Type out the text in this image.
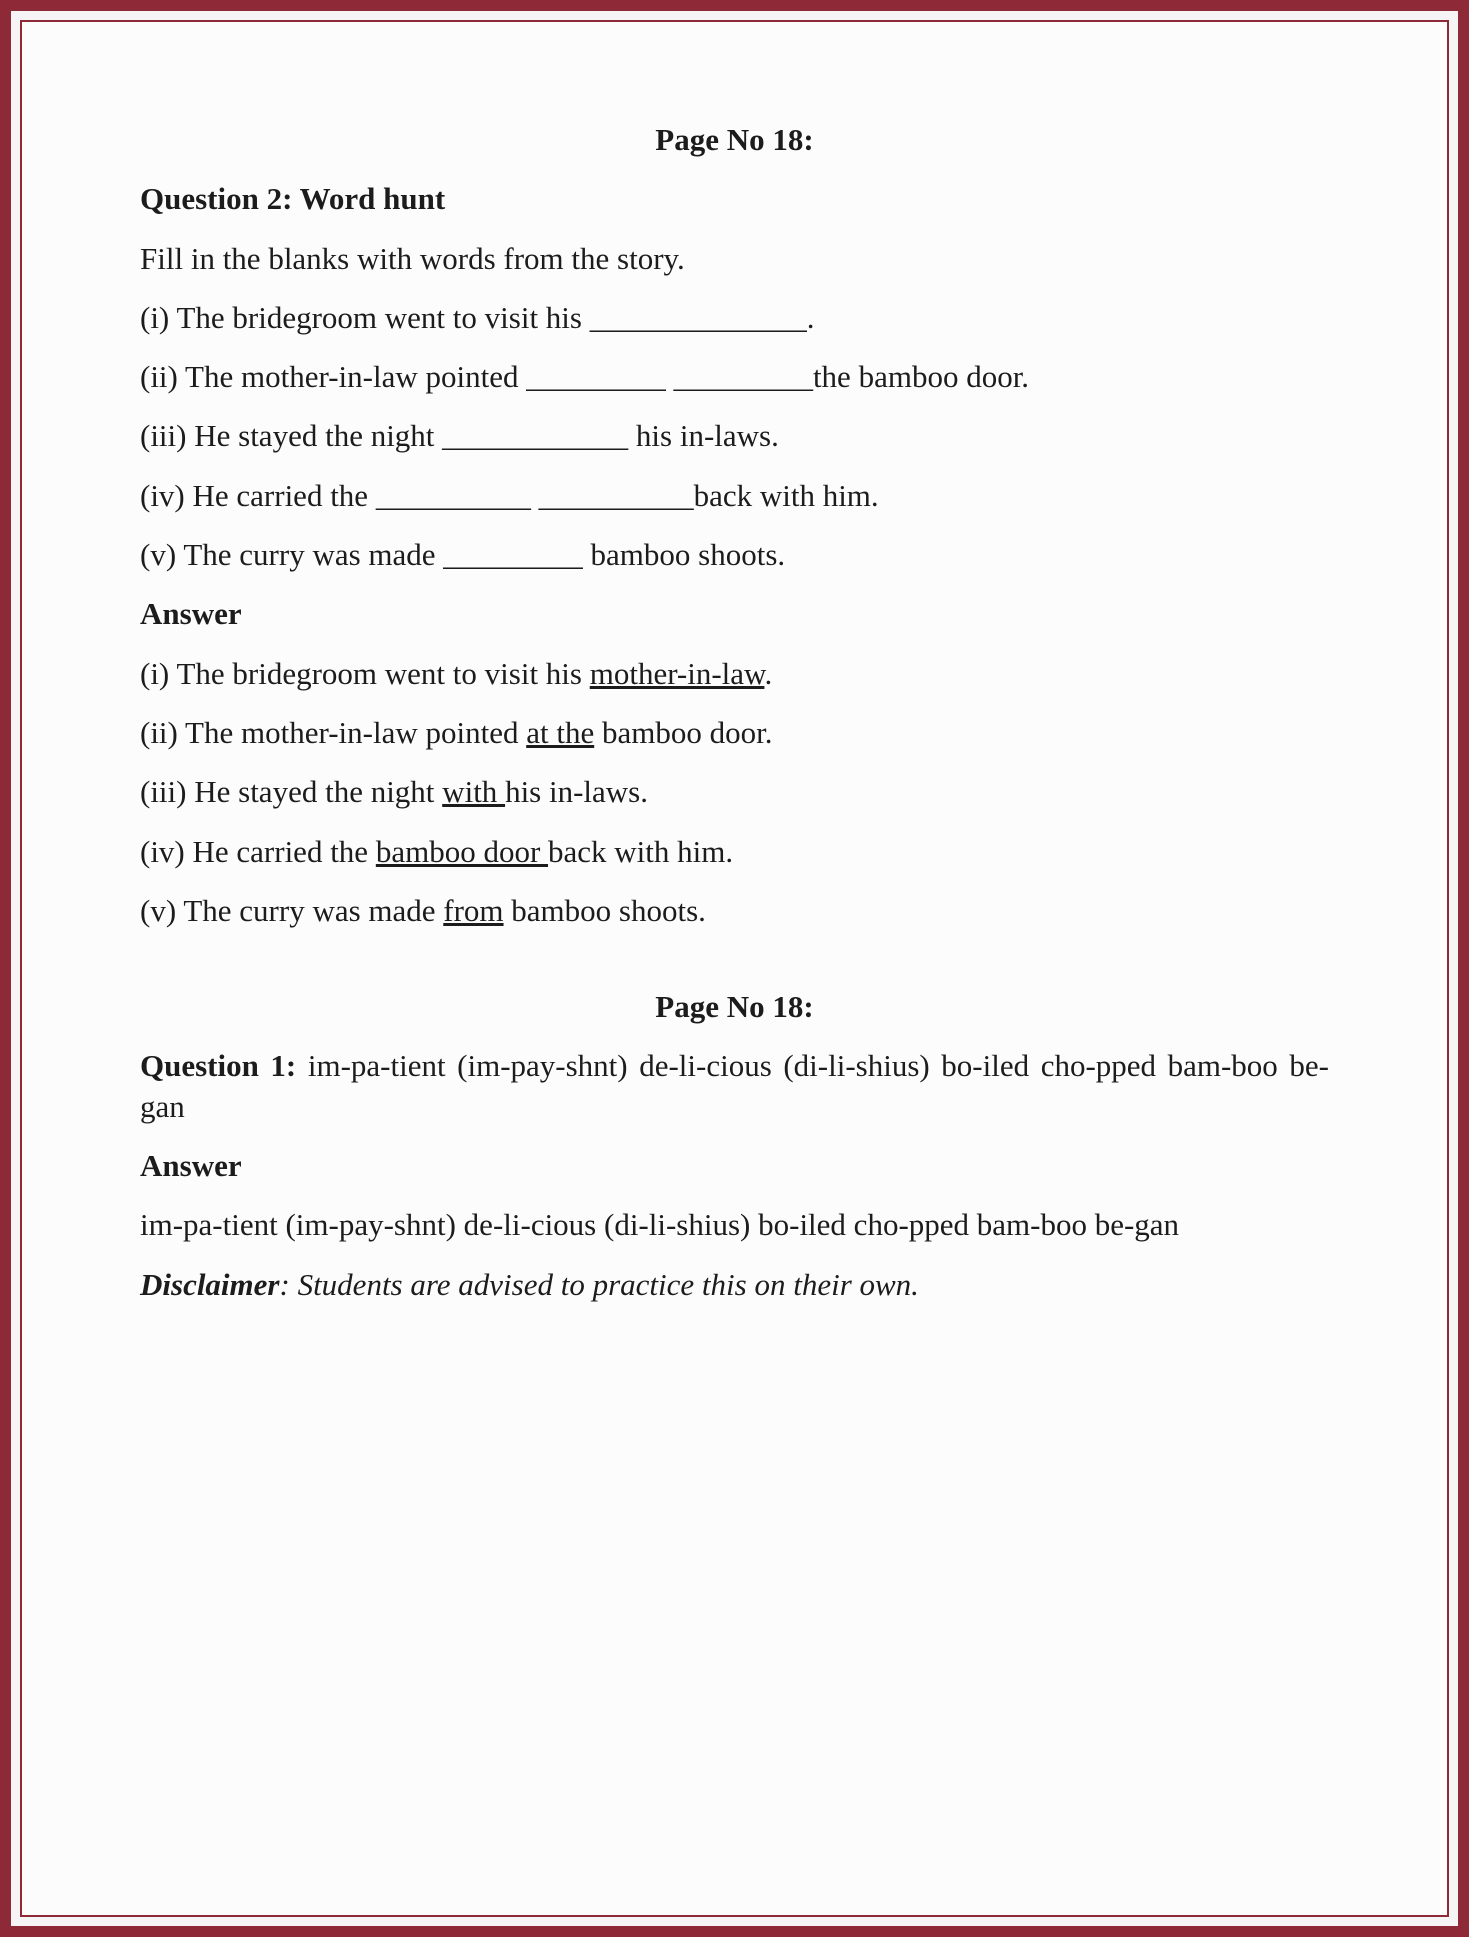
Page No 18:

Question 2: Word hunt

Fill in the blanks with words from the story.

(i) The bridegroom went to visit his ______________.

(ii) The mother-in-law pointed _________ _________the bamboo door.

(iii) He stayed the night ____________ his in-laws.

(iv) He carried the __________ __________back with him.

(v) The curry was made _________ bamboo shoots.

Answer

(i) The bridegroom went to visit his mother-in-law.

(ii) The mother-in-law pointed at the bamboo door.

(iii) He stayed the night with his in-laws.

(iv) He carried the bamboo door back with him.

(v) The curry was made from bamboo shoots.

Page No 18:

Question 1: im-pa-tient (im-pay-shnt) de-li-cious (di-li-shius) bo-iled cho-pped bam-boo be-gan

Answer

im-pa-tient (im-pay-shnt) de-li-cious (di-li-shius) bo-iled cho-pped bam-boo be-gan

Disclaimer: Students are advised to practice this on their own.
